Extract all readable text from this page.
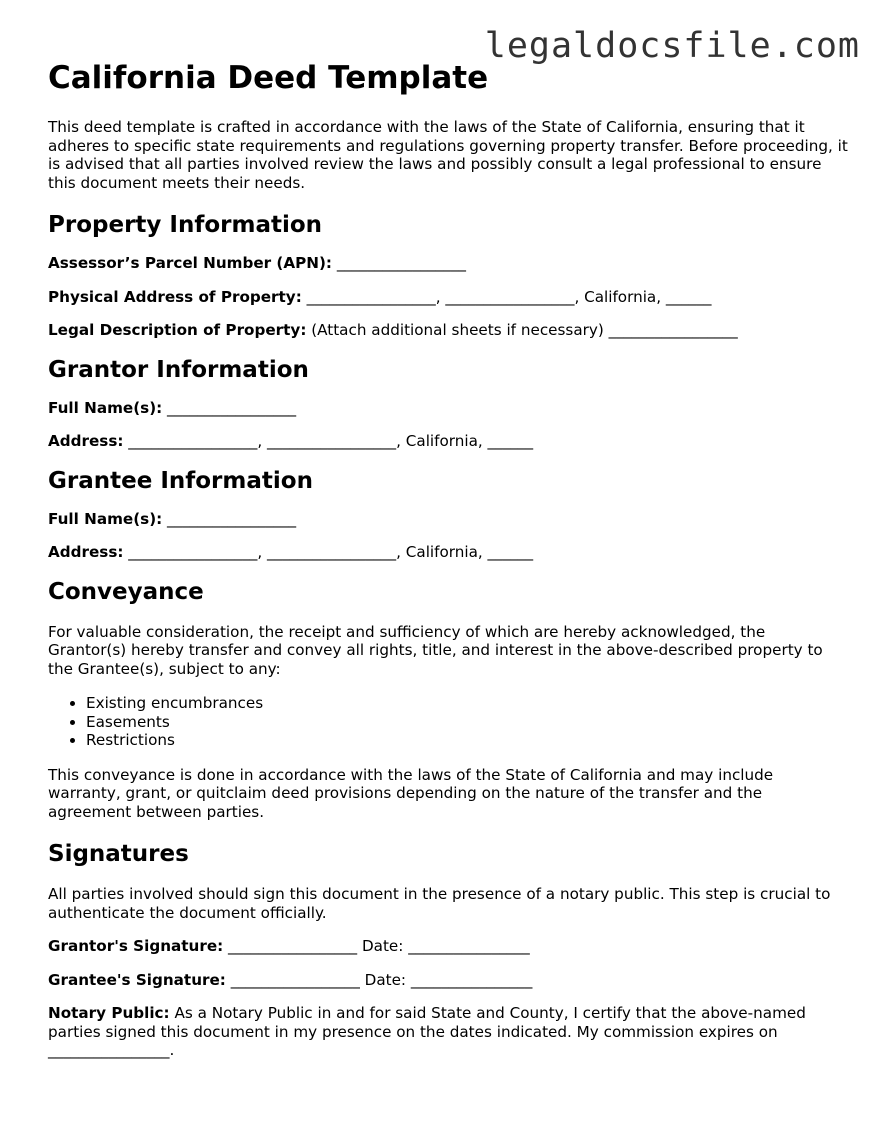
legaldocsfile.com
California Deed Template

This deed template is crafted in accordance with the laws of the State of California, ensuring that it adheres to specific state requirements and regulations governing property transfer. Before proceeding, it is advised that all parties involved review the laws and possibly consult a legal professional to ensure this document meets their needs.

Property Information
Assessor’s Parcel Number (APN): _________________
Physical Address of Property: _________________, _________________, California, ______
Legal Description of Property: (Attach additional sheets if necessary) _________________
Grantor Information
Full Name(s): _________________
Address: _________________, _________________, California, ______
Grantee Information
Full Name(s): _________________
Address: _________________, _________________, California, ______
Conveyance

For valuable consideration, the receipt and sufficiency of which are hereby acknowledged, the Grantor(s) hereby transfer and convey all rights, title, and interest in the above-described property to the Grantee(s), subject to any:

• Existing encumbrances
• Easements
• Restrictions

This conveyance is done in accordance with the laws of the State of California and may include warranty, grant, or quitclaim deed provisions depending on the nature of the transfer and the agreement between parties.

Signatures

All parties involved should sign this document in the presence of a notary public. This step is crucial to authenticate the document officially.

Grantor's Signature: _________________ Date: ________________
Grantee's Signature: _________________ Date: ________________

Notary Public: As a Notary Public in and for said State and County, I certify that the above-named parties signed this document in my presence on the dates indicated. My commission expires on ________________.
